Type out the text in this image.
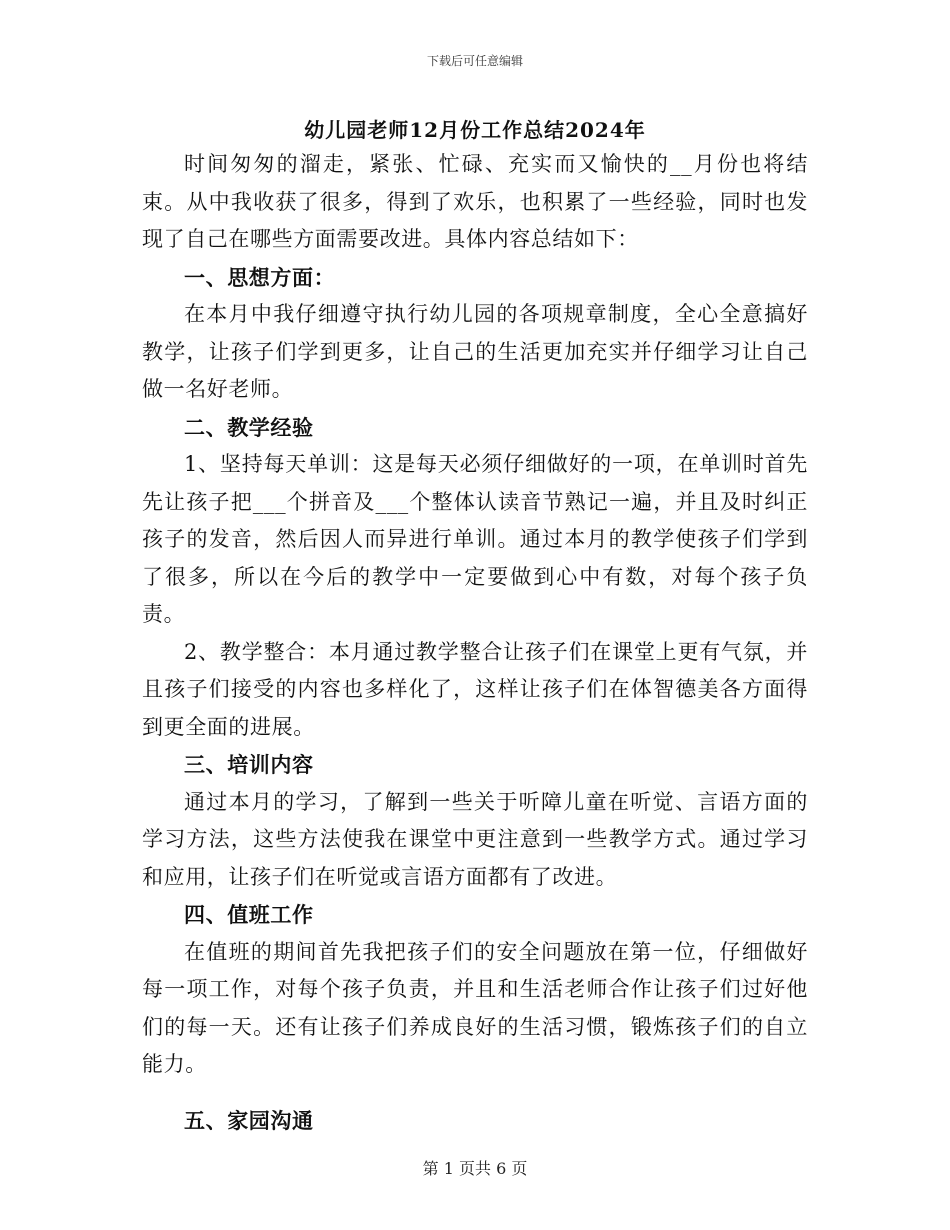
下载后可任意编辑
幼儿园老师12月份工作总结2024年

时间匆匆的溜走，紧张、忙碌、充实而又愉快的__月份也将结束。从中我收获了很多，得到了欢乐，也积累了一些经验，同时也发现了自己在哪些方面需要改进。具体内容总结如下：

一、思想方面：

在本月中我仔细遵守执行幼儿园的各项规章制度，全心全意搞好教学，让孩子们学到更多，让自己的生活更加充实并仔细学习让自己做一名好老师。

二、教学经验

1、坚持每天单训：这是每天必须仔细做好的一项，在单训时首先先让孩子把___个拼音及___个整体认读音节熟记一遍，并且及时纠正孩子的发音，然后因人而异进行单训。通过本月的教学使孩子们学到了很多，所以在今后的教学中一定要做到心中有数，对每个孩子负责。

2、教学整合：本月通过教学整合让孩子们在课堂上更有气氛，并且孩子们接受的内容也多样化了，这样让孩子们在体智德美各方面得到更全面的进展。

三、培训内容

通过本月的学习，了解到一些关于听障儿童在听觉、言语方面的学习方法，这些方法使我在课堂中更注意到一些教学方式。通过学习和应用，让孩子们在听觉或言语方面都有了改进。

四、值班工作

在值班的期间首先我把孩子们的安全问题放在第一位，仔细做好每一项工作，对每个孩子负责，并且和生活老师合作让孩子们过好他们的每一天。还有让孩子们养成良好的生活习惯，锻炼孩子们的自立能力。

五、家园沟通
第 1 页共 6 页
